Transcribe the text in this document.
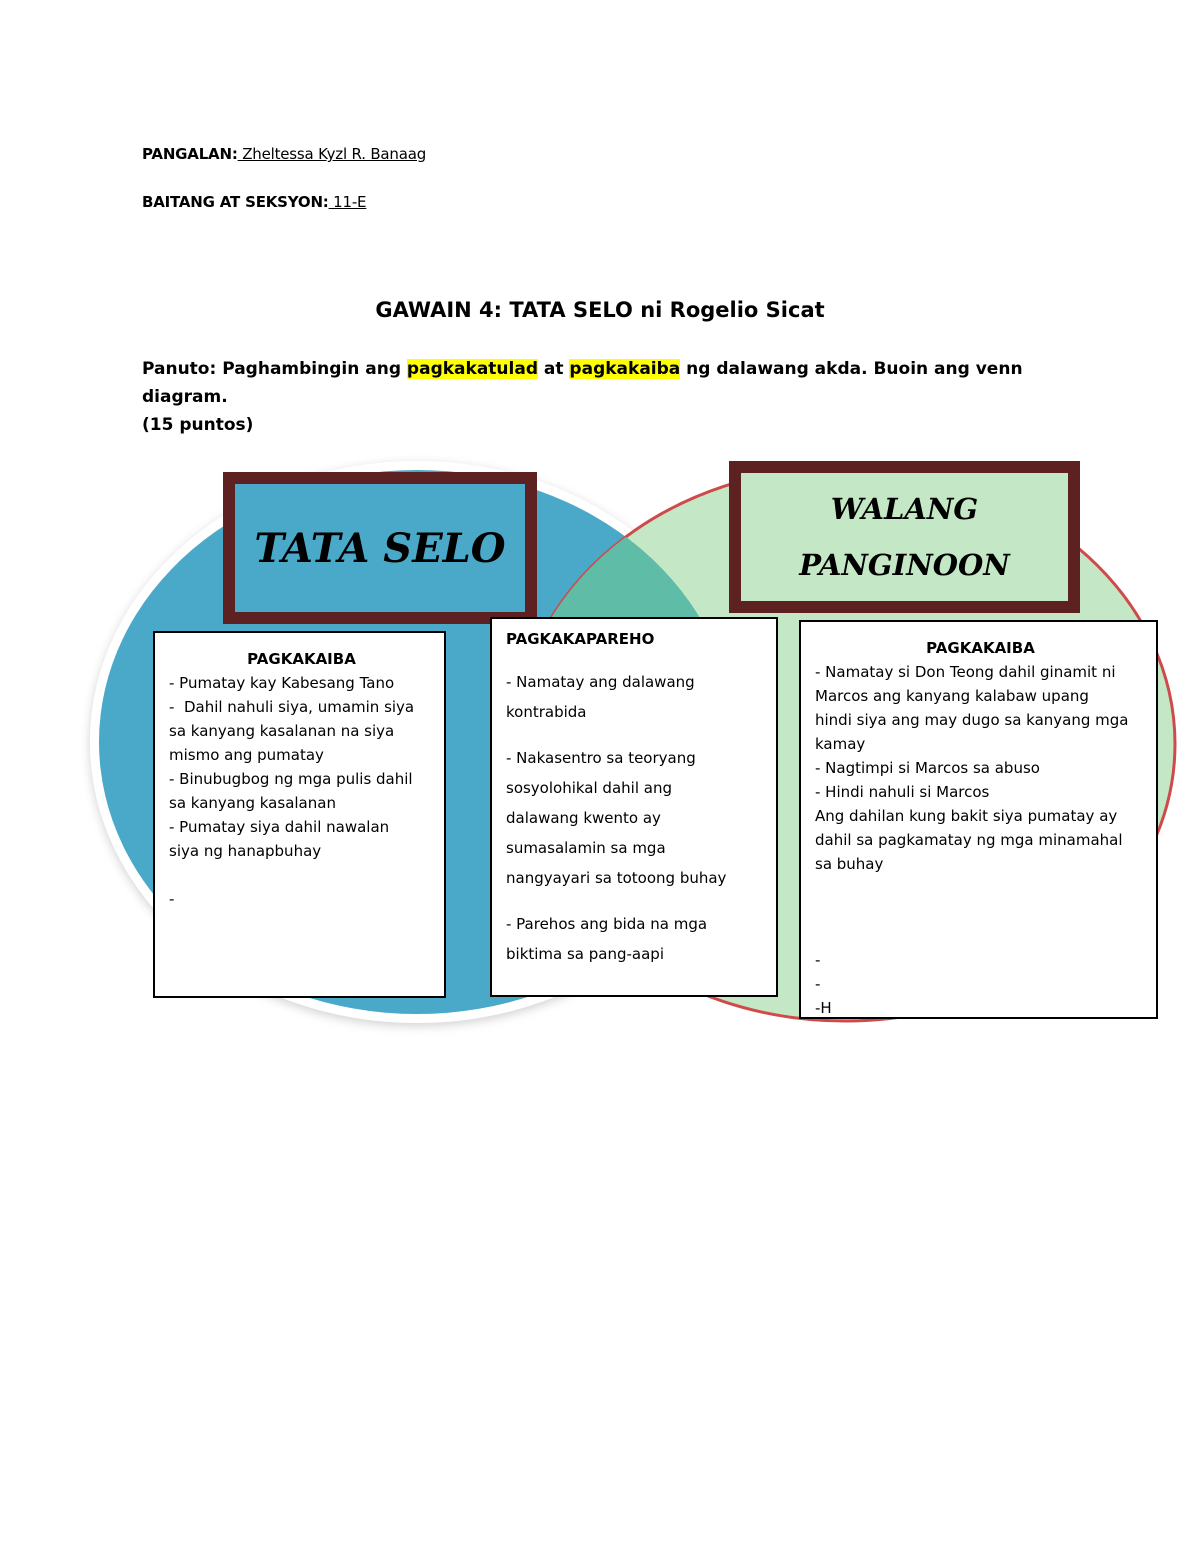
PANGALAN: Zheltessa Kyzl R. Banaag
BAITANG AT SEKSYON: 11-E
GAWAIN 4: TATA SELO ni Rogelio Sicat
Panuto: Paghambingin ang pagkakatulad at pagkakaiba ng dalawang akda. Buoin ang venn diagram.
(15 puntos)
TATA SELO
WALANG
PANGINOON
PAGKAKAIBA
- Pumatay kay Kabesang Tano
-  Dahil nahuli siya, umamin siya
sa kanyang kasalanan na siya
mismo ang pumatay
- Binubugbog ng mga pulis dahil
sa kanyang kasalanan
- Pumatay siya dahil nawalan
siya ng hanapbuhay

-
PAGKAKAPAREHO
- Namatay ang dalawang
kontrabida
- Nakasentro sa teoryang
sosyolohikal dahil ang
dalawang kwento ay
sumasalamin sa mga
nangyayari sa totoong buhay
- Parehos ang bida na mga
biktima sa pang-aapi
PAGKAKAIBA
- Namatay si Don Teong dahil ginamit ni
Marcos ang kanyang kalabaw upang
hindi siya ang may dugo sa kanyang mga
kamay
- Nagtimpi si Marcos sa abuso
- Hindi nahuli si Marcos
Ang dahilan kung bakit siya pumatay ay
dahil sa pagkamatay ng mga minamahal
sa buhay

-
-
-H
